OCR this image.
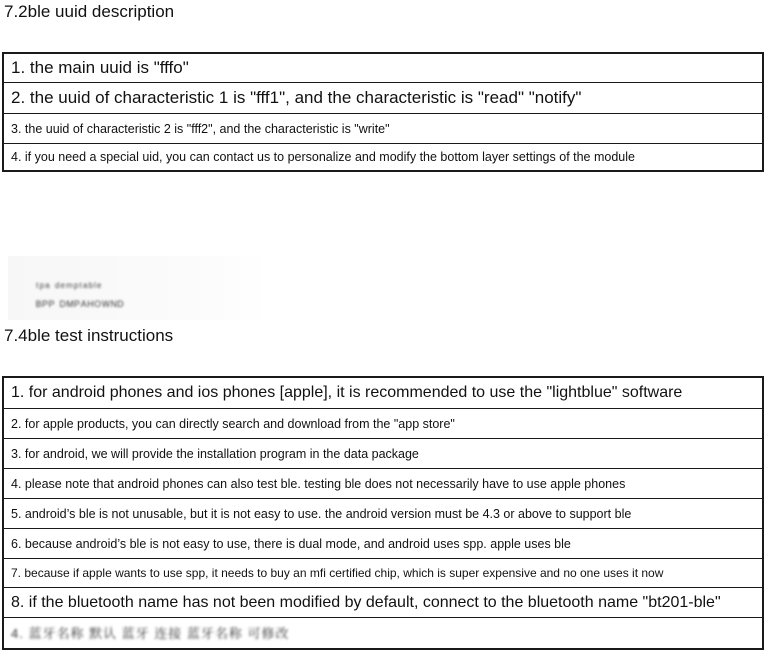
7.2ble uuid description
1. the main uuid is "fffo"
2. the uuid of characteristic 1 is "fff1", and the characteristic is "read" "notify"
3. the uuid of characteristic 2 is "fff2", and the characteristic is "write"
4. if you need a special uid, you can contact us to personalize and modify the bottom layer settings of the module
ᵗᵖᵃ ᵈᵉᵐᵖᵗᵃᵇˡᵉ
ᴮᴾᴾ ᴰᴹᴾᴬᴴᴼᵂᴺᴰ
7.4ble test instructions
1. for android phones and ios phones [apple], it is recommended to use the "lightblue" software
2. for apple products, you can directly search and download from the "app store"
3. for android, we will provide the installation program in the data package
4. please note that android phones can also test ble. testing ble does not necessarily have to use apple phones
5. android’s ble is not unusable, but it is not easy to use. the android version must be 4.3 or above to support ble
6. because android’s ble is not easy to use, there is dual mode, and android uses spp. apple uses ble
7. because if apple wants to use spp, it needs to buy an mfi certified chip, which is super expensive and no one uses it now
8. if the bluetooth name has not been modified by default, connect to the bluetooth name "bt201-ble"
4. 蓝牙名称 默认 蓝牙 连接 蓝牙名称 可修改
